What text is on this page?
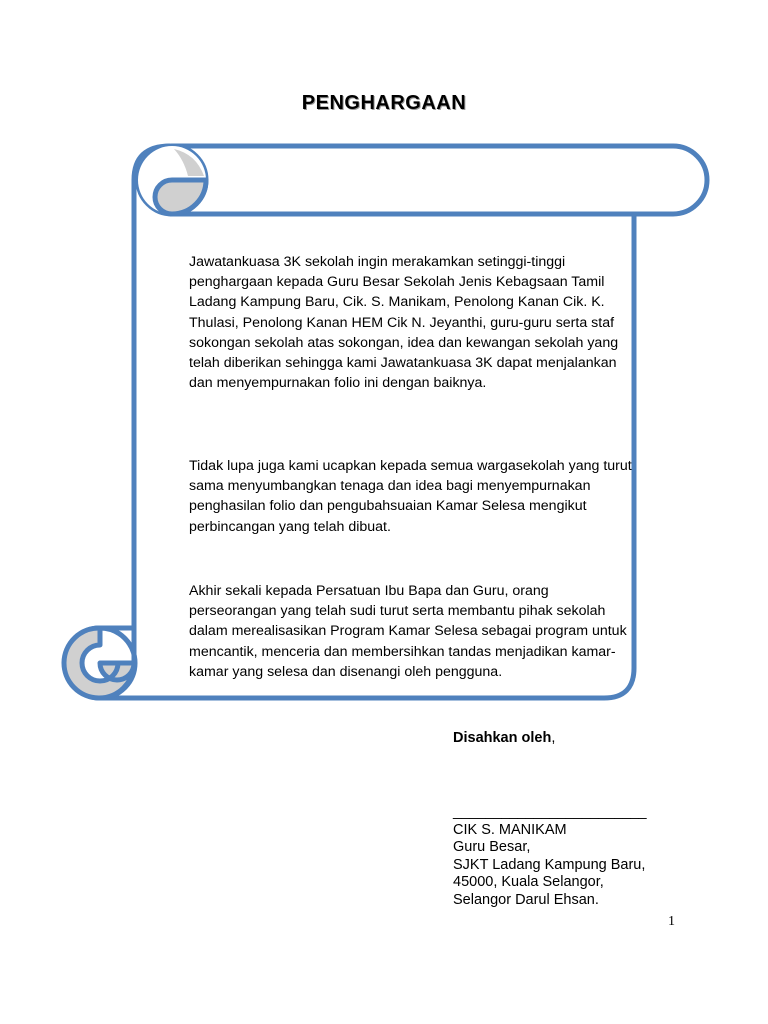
PENGHARGAAN

Jawatankuasa 3K sekolah ingin merakamkan setinggi-tinggi penghargaan kepada Guru Besar Sekolah Jenis Kebagsaan Tamil Ladang Kampung Baru, Cik. S. Manikam, Penolong Kanan Cik. K. Thulasi, Penolong Kanan HEM Cik N. Jeyanthi, guru-guru serta staf sokongan sekolah atas sokongan, idea dan kewangan sekolah yang telah diberikan sehingga kami Jawatankuasa 3K dapat menjalankan dan menyempurnakan folio ini dengan baiknya.

Tidak lupa juga kami ucapkan kepada semua wargasekolah yang turut sama menyumbangkan tenaga dan idea bagi menyempurnakan penghasilan folio dan pengubahsuaian Kamar Selesa mengikut perbincangan yang telah dibuat.

Akhir sekali kepada Persatuan Ibu Bapa dan Guru, orang perseorangan yang telah sudi turut serta membantu pihak sekolah dalam merealisasikan Program Kamar Selesa sebagai program untuk mencantik, menceria dan membersihkan tandas menjadikan kamar-kamar yang selesa dan disenangi oleh pengguna.

Disahkan oleh,
________________________
CIK S. MANIKAM
Guru Besar,
SJKT Ladang Kampung Baru,
45000, Kuala Selangor,
Selangor Darul Ehsan.
1
